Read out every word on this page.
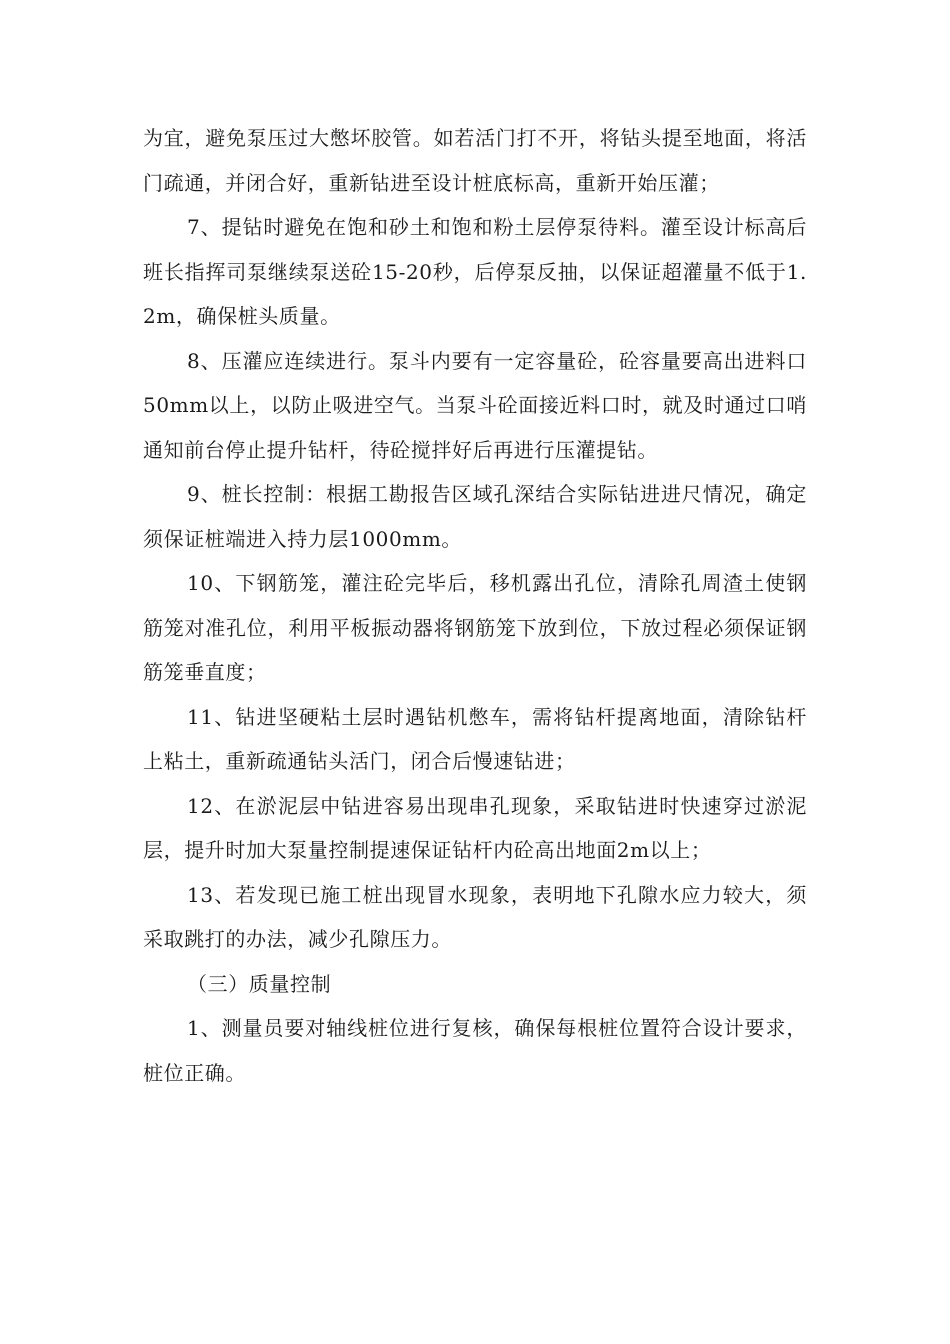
为宜，避免泵压过大憋坏胶管。如若活门打不开，将钻头提至地面，将活门疏通，并闭合好，重新钻进至设计桩底标高，重新开始压灌；

7、提钻时避免在饱和砂土和饱和粉土层停泵待料。灌至设计标高后班长指挥司泵继续泵送砼15-20秒，后停泵反抽，以保证超灌量不低于1.2m，确保桩头质量。

8、压灌应连续进行。泵斗内要有一定容量砼，砼容量要高出进料口50mm以上，以防止吸进空气。当泵斗砼面接近料口时，就及时通过口哨通知前台停止提升钻杆，待砼搅拌好后再进行压灌提钻。

9、桩长控制：根据工勘报告区域孔深结合实际钻进进尺情况，确定须保证桩端进入持力层1000mm。

10、下钢筋笼，灌注砼完毕后，移机露出孔位，清除孔周渣土使钢筋笼对准孔位，利用平板振动器将钢筋笼下放到位，下放过程必须保证钢筋笼垂直度；

11、钻进坚硬粘土层时遇钻机憋车，需将钻杆提离地面，清除钻杆上粘土，重新疏通钻头活门，闭合后慢速钻进；

12、在淤泥层中钻进容易出现串孔现象，采取钻进时快速穿过淤泥层，提升时加大泵量控制提速保证钻杆内砼高出地面2m以上；

13、若发现已施工桩出现冒水现象，表明地下孔隙水应力较大，须采取跳打的办法，减少孔隙压力。

（三）质量控制

1、测量员要对轴线桩位进行复核，确保每根桩位置符合设计要求，桩位正确。
